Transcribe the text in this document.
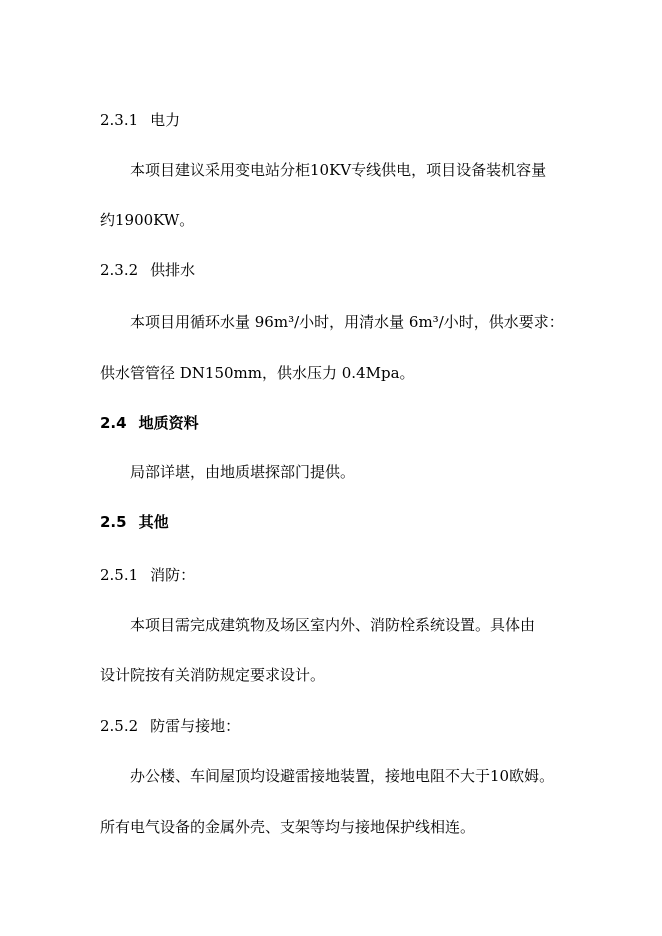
2.3.1 电力

本项目建议采用变电站分柜10KV专线供电，项目设备装机容量

约1900KW。

2.3.2 供排水

本项目用循环水量 96m³/小时，用清水量 6m³/小时，供水要求：

供水管管径 DN150mm，供水压力 0.4Mpa。

2.4 地质资料

局部详堪，由地质堪探部门提供。

2.5 其他

2.5.1 消防：

本项目需完成建筑物及场区室内外、消防栓系统设置。具体由

设计院按有关消防规定要求设计。

2.5.2 防雷与接地：

办公楼、车间屋顶均设避雷接地装置，接地电阻不大于10欧姆。

所有电气设备的金属外壳、支架等均与接地保护线相连。
